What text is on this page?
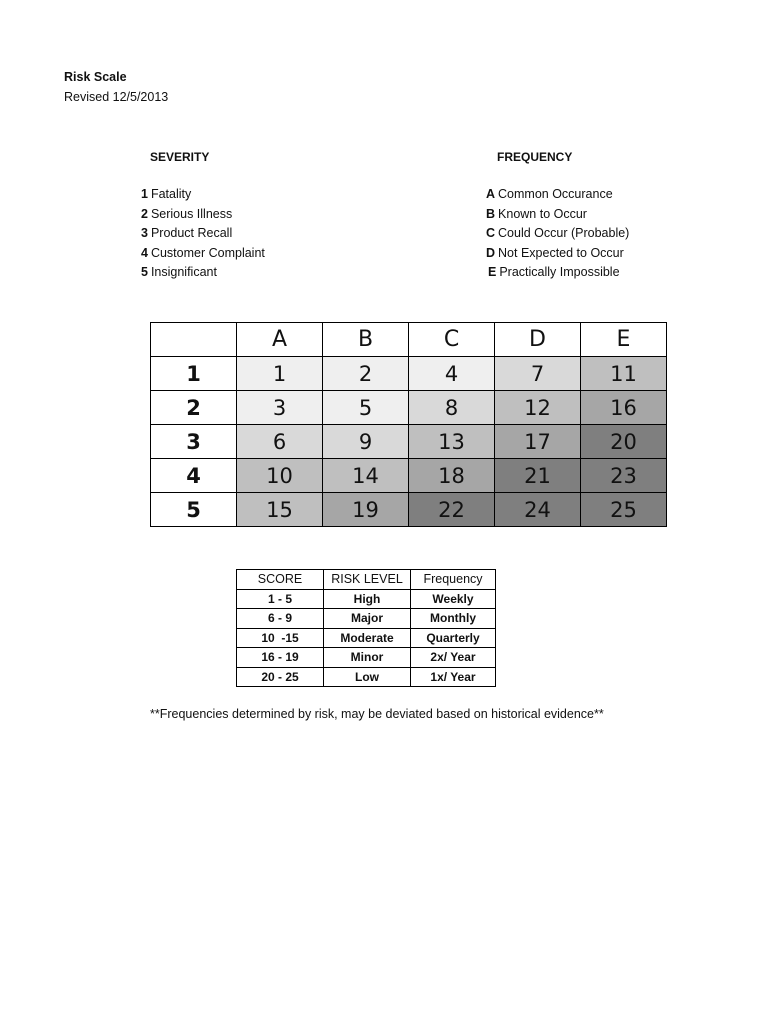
Risk Scale
Revised 12/5/2013
SEVERITY
1 Fatality
2 Serious Illness
3 Product Recall
4 Customer Complaint
5 Insignificant
FREQUENCY
A Common Occurance
B Known to Occur
C Could Occur (Probable)
D Not Expected to Occur
E Practically Impossible
	A	B	C	D	E
1	1	2	4	7	11
2	3	5	8	12	16
3	6	9	13	17	20
4	10	14	18	21	23
5	15	19	22	24	25
SCORE	RISK LEVEL	Frequency
1 - 5	High	Weekly
6 - 9	Major	Monthly
10  -15	Moderate	Quarterly
16 - 19	Minor	2x/ Year
20 - 25	Low	1x/ Year
**Frequencies determined by risk, may be deviated based on historical evidence**
